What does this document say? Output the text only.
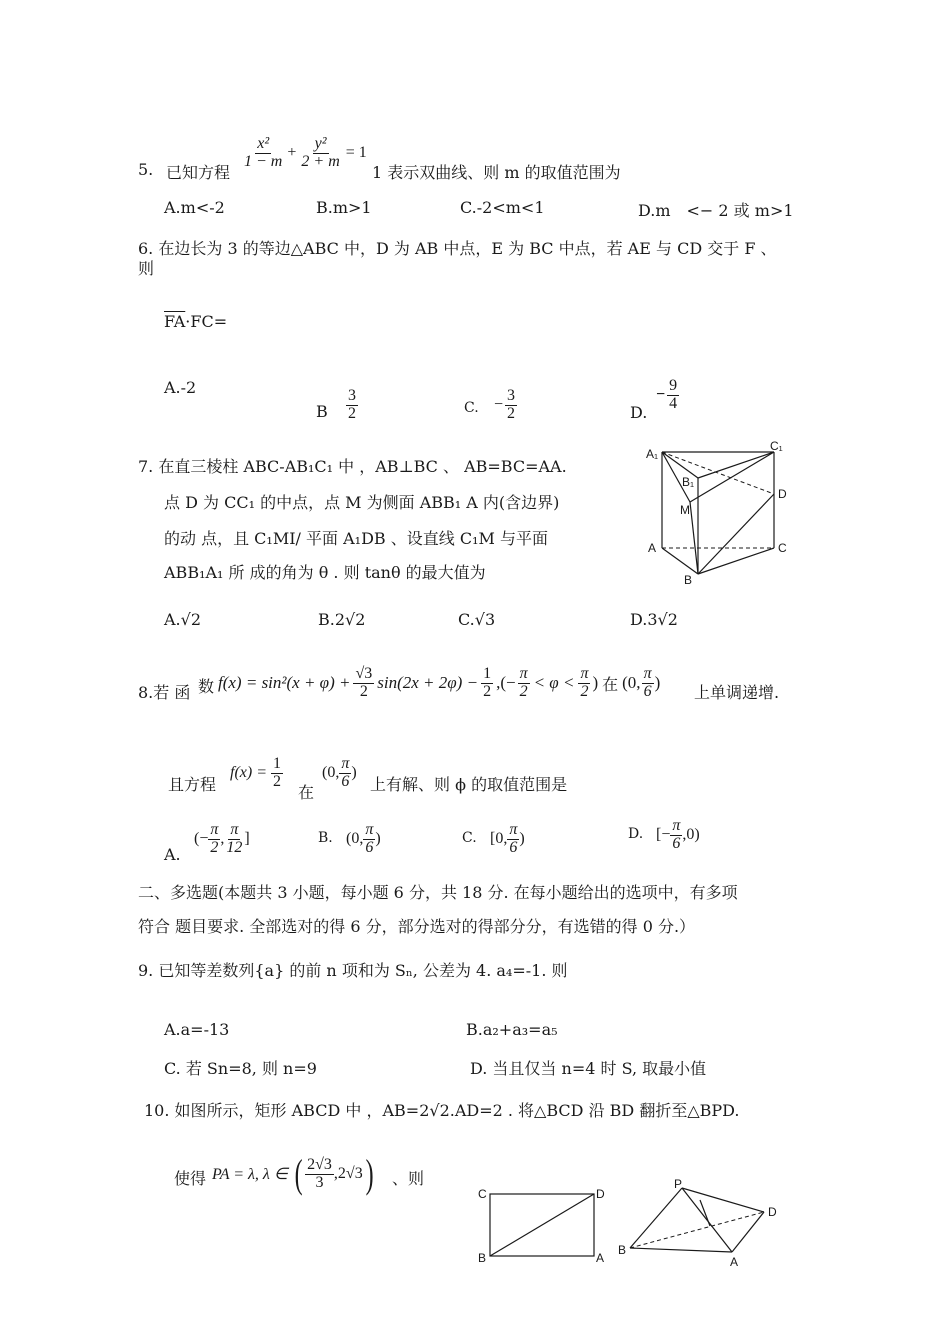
5. 已知方程
$\frac{\text{x²}}{1 - m} + \frac{\text{y²}}{2 + m} = 1$
1 表示双曲线、则 m 的取值范围为
A.m<-2	B.m>1	C.-2<m<1	D.m　<− 2 或 m>1
6. 在边长为 3 的等边△ABC 中，D 为 AB 中点，E 为 BC 中点，若 AE 与 CD 交于 F 、
则
$\overline{FA}\cdot FC=$
A.-2
B $\frac{3}{2}$	C. − $\frac{3}{2}$	D.
− $\frac{9}{4}$
7. 在直三棱柱 ABC-AB₁C₁ 中 ，AB⊥BC 、 AB=BC=AA.
点 D 为 CC₁ 的中点，点 M 为侧面 ABB₁ A 内(含边界)
的动 点，且 C₁MI/ 平面 A₁DB 、设直线 C₁M 与平面
ABB₁A₁ 所 成的角为 θ . 则 tanθ 的最大值为
A₁
C₁
B₁
M
D
A	C
B
A.√2	B.2√2	C.√3	D.3√2
8.若 函 数 $f(x) = \sin^2(x + \varphi) + \frac{√3}{2} \sin(2x + 2\varphi) - \frac{1}{2}$ ,(− $\frac{\pi}{2} < \varphi < \frac{\pi}{2}$ ) 在 (0, $\frac{\pi}{6}$ )
上单调递增.
且方程
$f(x) = \frac{1}{2}$
在
(0, $\frac{\pi}{6}$ )
上有解、则 ϕ 的取值范围是
A.
(− $\frac{\pi}{2}$ , $\frac{\pi}{12}$ ]	B. (0, $\frac{\pi}{6}$ )	C. [0, $\frac{\pi}{6}$ )	D. [− $\frac{\pi}{6} ,0$)
二、多选题(本题共 3 小题，每小题 6 分，共 18 分. 在每小题给出的选项中，有多项
符合 题目要求. 全部选对的得 6 分，部分选对的得部分分，有选错的得 0 分.）
9. 已知等差数列{a} 的前 n 项和为 Sₙ, 公差为 4. a₄=-1. 则
A.a=-13	B.a₂+a₃=a₅
C. 若 Sn=8, 则 n=9	D. 当且仅当 n=4 时 S, 取最小值
10. 如图所示，矩形 ABCD 中 ，AB=2√2.AD=2 . 将△BCD 沿 BD 翻折至△BPD.
使得 PA = λ, λ ∈ ( $\frac{2√3}{3}$ , 2√3 ) 、则
C	D
B	A
P
D
B
A
